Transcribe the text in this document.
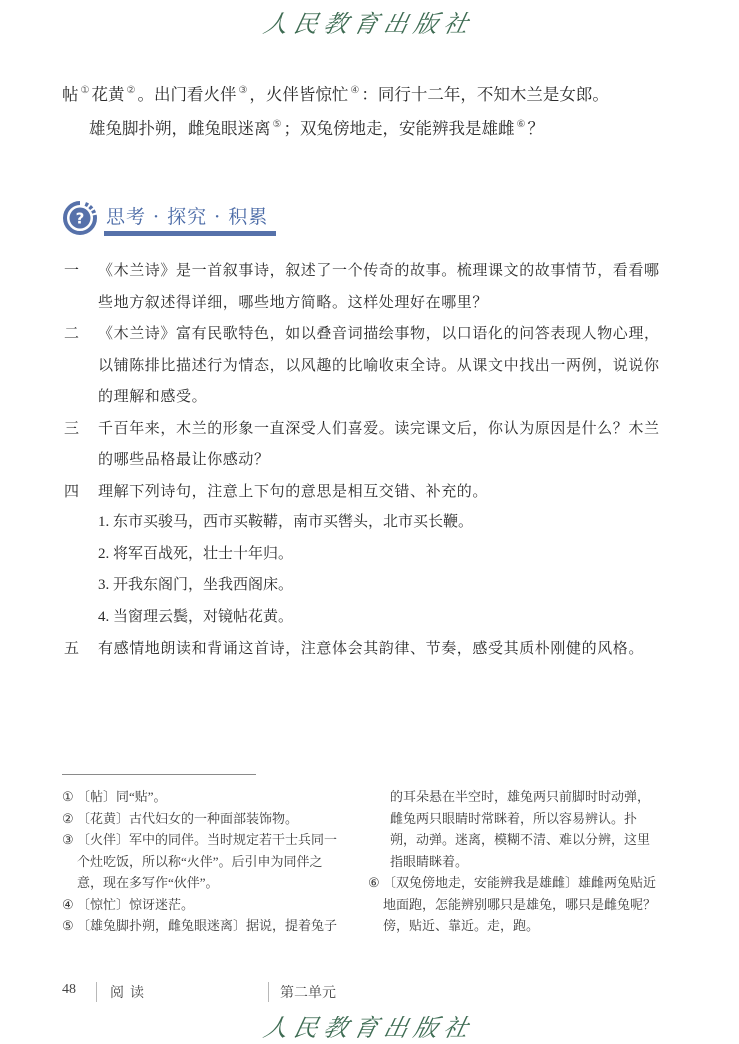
人民教育出版社
帖 ① 花黄 ② 。出门看火伴 ③ ，火伴皆惊忙 ④ ：同行十二年，不知木兰是女郎。
雄兔脚扑朔，雌兔眼迷离 ⑤ ；双兔傍地走，安能辨我是雄雌 ⑥ ？
? 思考 · 探究 · 积累
一 《木兰诗》是一首叙事诗，叙述了一个传奇的故事。梳理课文的故事情节，看看哪些地方叙述得详细，哪些地方简略。这样处理好在哪里？
二 《木兰诗》富有民歌特色，如以叠音词描绘事物，以口语化的问答表现人物心理，以铺陈排比描述行为情态，以风趣的比喻收束全诗。从课文中找出一两例，说说你的理解和感受。
三 千百年来，木兰的形象一直深受人们喜爱。读完课文后，你认为原因是什么？木兰的哪些品格最让你感动？
四 理解下列诗句，注意上下句的意思是相互交错、补充的。
1. 东市买骏马，西市买鞍鞯，南市买辔头，北市买长鞭。
2. 将军百战死，壮士十年归。
3. 开我东阁门，坐我西阁床。
4. 当窗理云鬓，对镜帖花黄。
五 有感情地朗读和背诵这首诗，注意体会其韵律、节奏，感受其质朴刚健的风格。
① 〔帖〕同“贴”。
② 〔花黄〕古代妇女的一种面部装饰物。
③ 〔火伴〕军中的同伴。当时规定若干士兵同一个灶吃饭，所以称“火伴”。后引申为同伴之意，现在多写作“伙伴”。
④ 〔惊忙〕惊讶迷茫。
⑤ 〔雄兔脚扑朔，雌兔眼迷离〕据说，提着兔子
的耳朵悬在半空时，雄兔两只前脚时时动弹，雌兔两只眼睛时常眯着，所以容易辨认。扑朔，动弹。迷离，模糊不清、难以分辨，这里指眼睛眯着。
⑥ 〔双兔傍地走，安能辨我是雄雌〕雄雌两兔贴近地面跑，怎能辨别哪只是雄兔，哪只是雌兔呢？傍，贴近、靠近。走，跑。
48 阅读	第二单元
人民教育出版社
